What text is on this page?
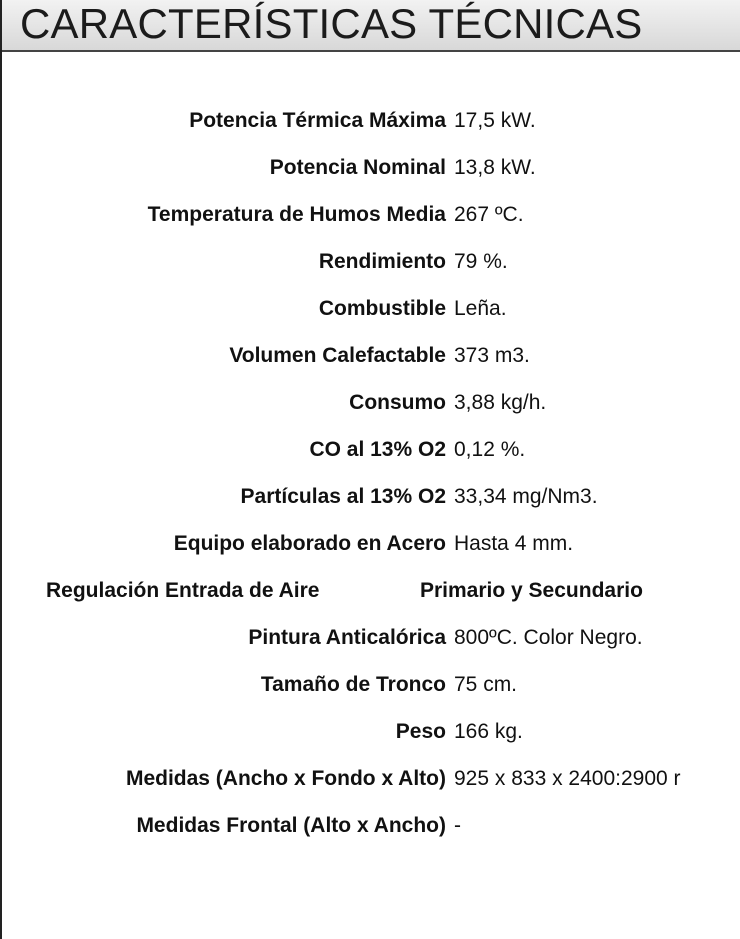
CARACTERÍSTICAS TÉCNICAS
Potencia Térmica Máxima 17,5 kW.
Potencia Nominal 13,8 kW.
Temperatura de Humos Media 267 ºC.
Rendimiento 79 %.
Combustible Leña.
Volumen Calefactable 373 m3.
Consumo 3,88 kg/h.
CO al 13% O2 0,12 %.
Partículas al 13% O2 33,34 mg/Nm3.
Equipo elaborado en Acero Hasta 4 mm.
Regulación Entrada de Aire	Primario y Secundario
Pintura Anticalórica 800ºC. Color Negro.
Tamaño de Tronco 75 cm.
Peso 166 kg.
Medidas (Ancho x Fondo x Alto) 925 x 833 x 2400:2900 r
Medidas Frontal (Alto x Ancho) -
